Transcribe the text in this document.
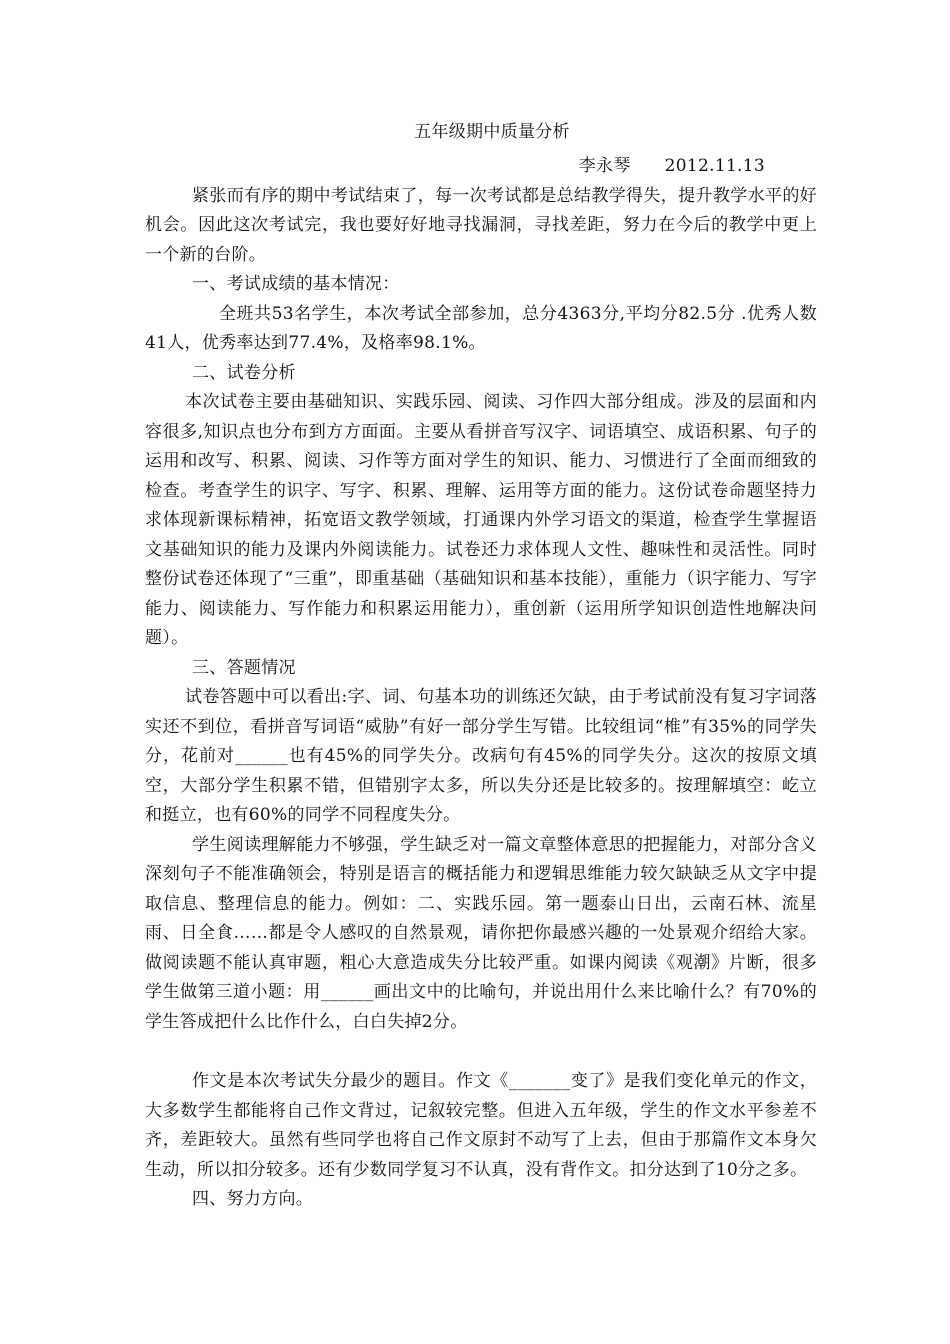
五年级期中质量分析
李永琴 2012.11.13

紧张而有序的期中考试结束了，每一次考试都是总结教学得失，提升教学水平的好机会。因此这次考试完，我也要好好地寻找漏洞，寻找差距，努力在今后的教学中更上一个新的台阶。

一、考试成绩的基本情况：

全班共53名学生，本次考试全部参加，总分4363分,平均分82.5分 .优秀人数41人，优秀率达到77.4%，及格率98.1%。

二、试卷分析

本次试卷主要由基础知识、实践乐园、阅读、习作四大部分组成。涉及的层面和内容很多,知识点也分布到方方面面。主要从看拼音写汉字、词语填空、成语积累、句子的运用和改写、积累、阅读、习作等方面对学生的知识、能力、习惯进行了全面而细致的检查。考查学生的识字、写字、积累、理解、运用等方面的能力。这份试卷命题坚持力求体现新课标精神，拓宽语文教学领域，打通课内外学习语文的渠道，检查学生掌握语文基础知识的能力及课内外阅读能力。试卷还力求体现人文性、趣味性和灵活性。同时整份试卷还体现了“三重”，即重基础（基础知识和基本技能），重能力（识字能力、写字能力、阅读能力、写作能力和积累运用能力），重创新（运用所学知识创造性地解决问题）。

三、答题情况

试卷答题中可以看出:字、词、句基本功的训练还欠缺，由于考试前没有复习字词落实还不到位，看拼音写词语“威胁”有好一部分学生写错。比较组词“椎”有35%的同学失分，花前对______也有45%的同学失分。改病句有45%的同学失分。这次的按原文填空，大部分学生积累不错，但错别字太多，所以失分还是比较多的。按理解填空：屹立和挺立，也有60%的同学不同程度失分。

学生阅读理解能力不够强，学生缺乏对一篇文章整体意思的把握能力，对部分含义深刻句子不能准确领会，特别是语言的概括能力和逻辑思维能力较欠缺缺乏从文字中提取信息、整理信息的能力。例如：二、实践乐园。第一题泰山日出，云南石林、流星雨、日全食……都是令人感叹的自然景观，请你把你最感兴趣的一处景观介绍给大家。做阅读题不能认真审题，粗心大意造成失分比较严重。如课内阅读《观潮》片断，很多学生做第三道小题：用______画出文中的比喻句，并说出用什么来比喻什么？有70%的学生答成把什么比作什么，白白失掉2分。

作文是本次考试失分最少的题目。作文《_______变了》是我们变化单元的作文，大多数学生都能将自己作文背过，记叙较完整。但进入五年级，学生的作文水平参差不齐，差距较大。虽然有些同学也将自己作文原封不动写了上去，但由于那篇作文本身欠生动，所以扣分较多。还有少数同学复习不认真，没有背作文。扣分达到了10分之多。

四、努力方向。
